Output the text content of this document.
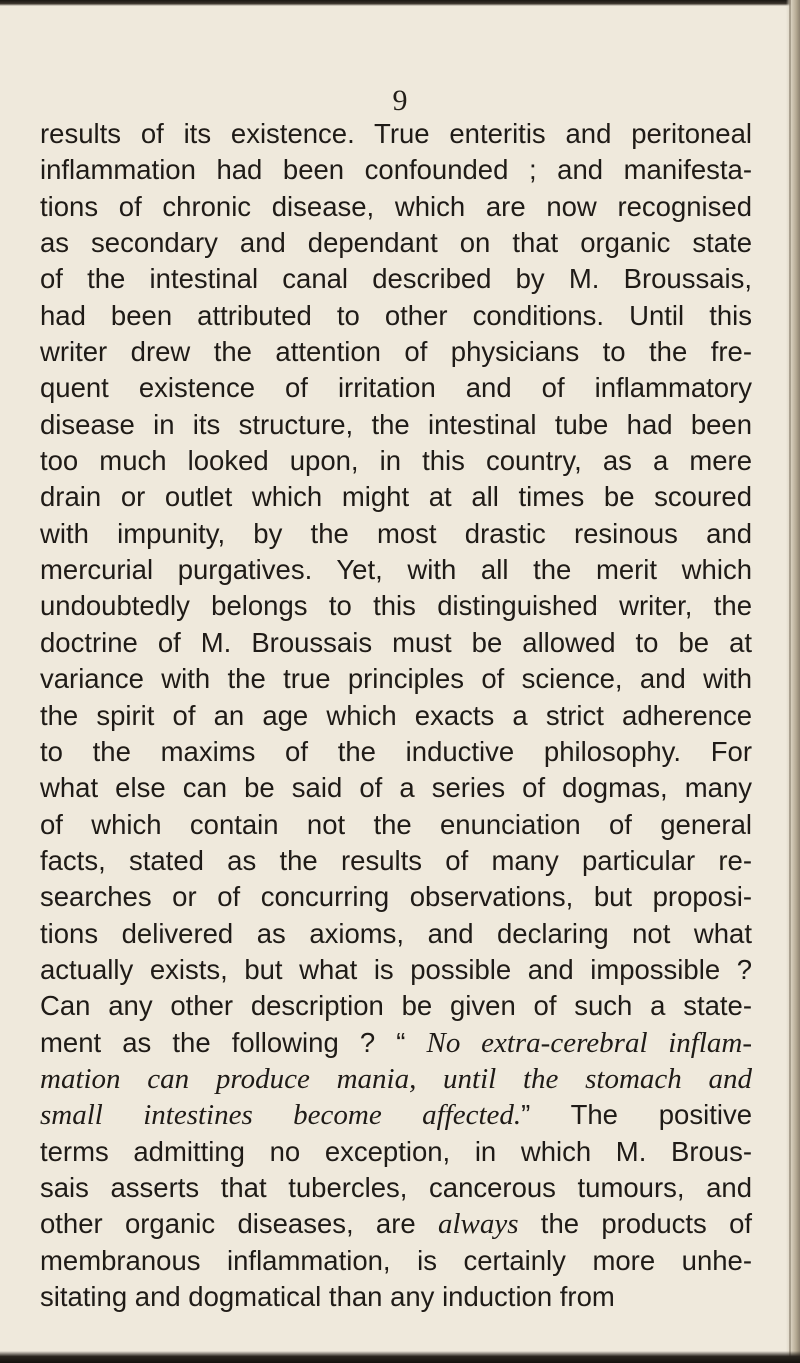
9
results of its existence. True enteritis and peritoneal
inflammation had been confounded ; and manifesta-
tions of chronic disease, which are now recognised
as secondary and dependant on that organic state
of the intestinal canal described by M. Broussais,
had been attributed to other conditions. Until this
writer drew the attention of physicians to the fre-
quent existence of irritation and of inflammatory
disease in its structure, the intestinal tube had been
too much looked upon, in this country, as a mere
drain or outlet which might at all times be scoured
with impunity, by the most drastic resinous and
mercurial purgatives. Yet, with all the merit which
undoubtedly belongs to this distinguished writer, the
doctrine of M. Broussais must be allowed to be at
variance with the true principles of science, and with
the spirit of an age which exacts a strict adherence
to the maxims of the inductive philosophy. For
what else can be said of a series of dogmas, many
of which contain not the enunciation of general
facts, stated as the results of many particular re-
searches or of concurring observations, but proposi-
tions delivered as axioms, and declaring not what
actually exists, but what is possible and impossible ?
Can any other description be given of such a state-
ment as the following ? “ No extra-cerebral inflam-
mation can produce mania, until the stomach and
small intestines become affected.” The positive
terms admitting no exception, in which M. Brous-
sais asserts that tubercles, cancerous tumours, and
other organic diseases, are always the products of
membranous inflammation, is certainly more unhe-
sitating and dogmatical than any induction from
